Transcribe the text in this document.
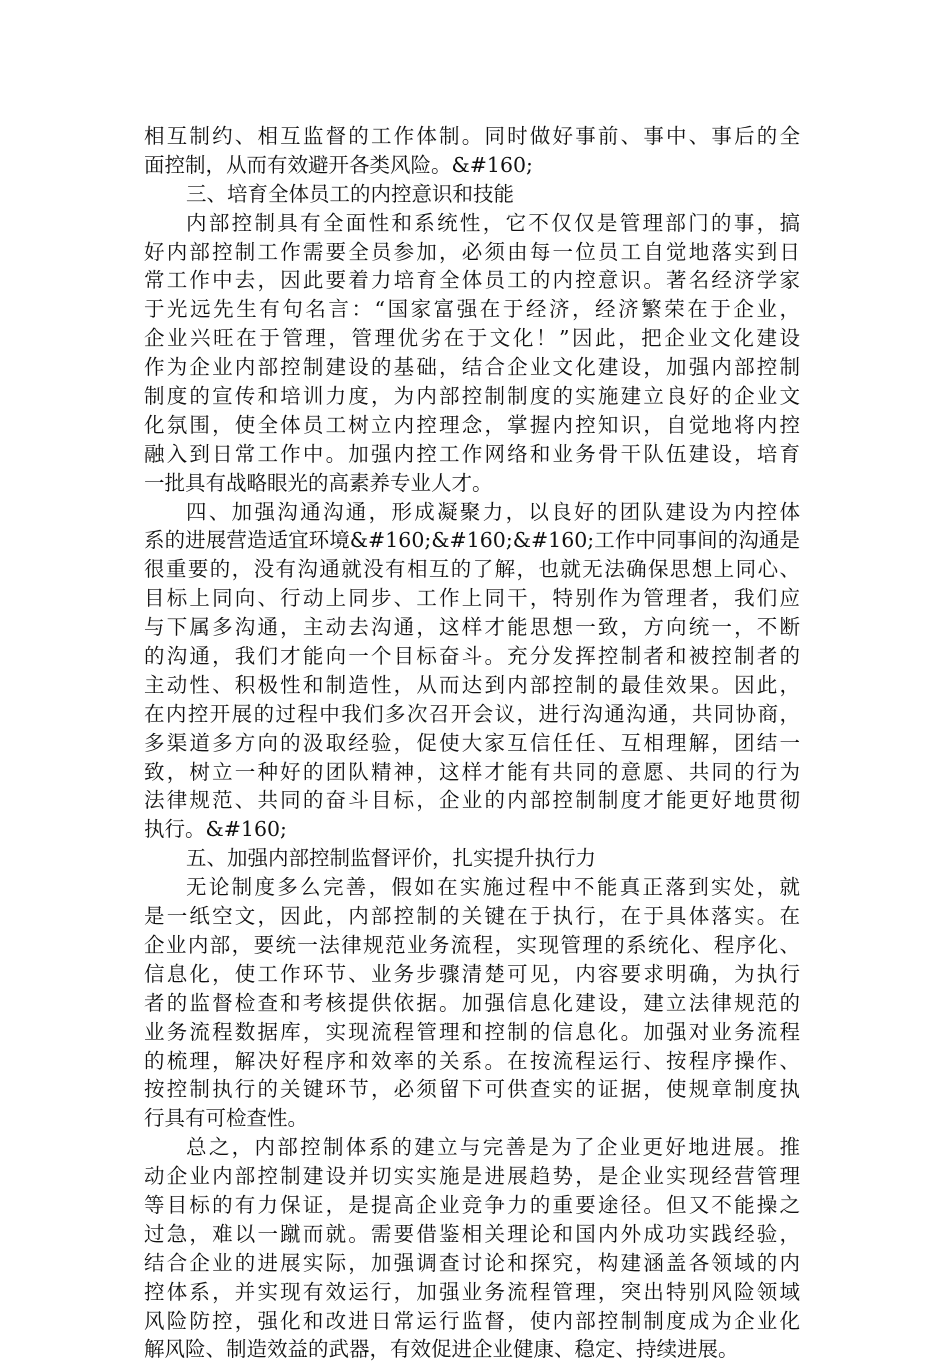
相互制约、相互监督的工作体制。同时做好事前、事中、事后的全
面控制，从而有效避开各类风险。&#160;
三、培育全体员工的内控意识和技能
内部控制具有全面性和系统性，它不仅仅是管理部门的事，搞
好内部控制工作需要全员参加，必须由每一位员工自觉地落实到日
常工作中去，因此要着力培育全体员工的内控意识。著名经济学家
于光远先生有句名言：“国家富强在于经济，经济繁荣在于企业，
企业兴旺在于管理，管理优劣在于文化！”因此，把企业文化建设
作为企业内部控制建设的基础，结合企业文化建设，加强内部控制
制度的宣传和培训力度，为内部控制制度的实施建立良好的企业文
化氛围，使全体员工树立内控理念，掌握内控知识，自觉地将内控
融入到日常工作中。加强内控工作网络和业务骨干队伍建设，培育
一批具有战略眼光的高素养专业人才。
四、加强沟通沟通，形成凝聚力，以良好的团队建设为内控体
系的进展营造适宜环境&#160;&#160;&#160;工作中同事间的沟通是
很重要的，没有沟通就没有相互的了解，也就无法确保思想上同心、
目标上同向、行动上同步、工作上同干，特别作为管理者，我们应
与下属多沟通，主动去沟通，这样才能思想一致，方向统一，不断
的沟通，我们才能向一个目标奋斗。充分发挥控制者和被控制者的
主动性、积极性和制造性，从而达到内部控制的最佳效果。因此，
在内控开展的过程中我们多次召开会议，进行沟通沟通，共同协商，
多渠道多方向的汲取经验，促使大家互信任任、互相理解，团结一
致，树立一种好的团队精神，这样才能有共同的意愿、共同的行为
法律规范、共同的奋斗目标，企业的内部控制制度才能更好地贯彻
执行。&#160;
五、加强内部控制监督评价，扎实提升执行力
无论制度多么完善，假如在实施过程中不能真正落到实处，就
是一纸空文，因此，内部控制的关键在于执行，在于具体落实。在
企业内部，要统一法律规范业务流程，实现管理的系统化、程序化、
信息化，使工作环节、业务步骤清楚可见，内容要求明确，为执行
者的监督检查和考核提供依据。加强信息化建设，建立法律规范的
业务流程数据库，实现流程管理和控制的信息化。加强对业务流程
的梳理，解决好程序和效率的关系。在按流程运行、按程序操作、
按控制执行的关键环节，必须留下可供查实的证据，使规章制度执
行具有可检查性。
总之，内部控制体系的建立与完善是为了企业更好地进展。推
动企业内部控制建设并切实实施是进展趋势，是企业实现经营管理
等目标的有力保证，是提高企业竞争力的重要途径。但又不能操之
过急，难以一蹴而就。需要借鉴相关理论和国内外成功实践经验，
结合企业的进展实际，加强调查讨论和探究，构建涵盖各领域的内
控体系，并实现有效运行，加强业务流程管理，突出特别风险领域
风险防控，强化和改进日常运行监督，使内部控制制度成为企业化
解风险、制造效益的武器，有效促进企业健康、稳定、持续进展。
